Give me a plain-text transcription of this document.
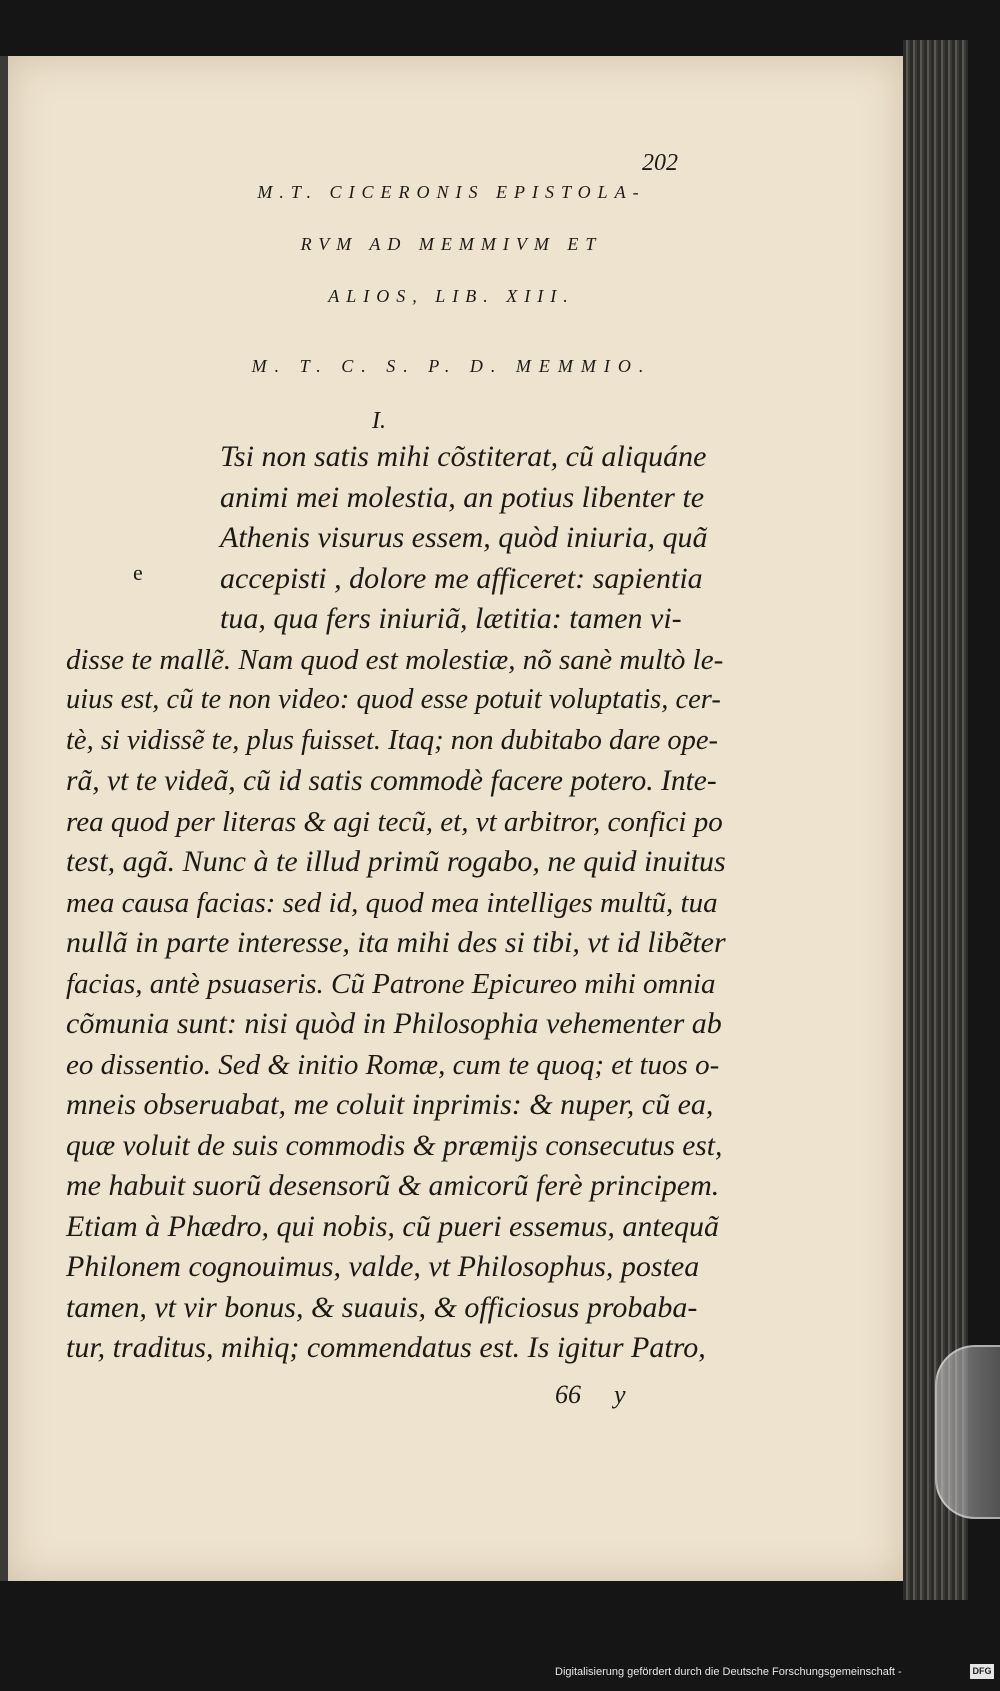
202
M.T. CICERONIS EPISTOLA-
RVM AD MEMMIVM ET
ALIOS, LIB. XIII.
M. T. C. S. P. D. MEMMIO.
I.
e
Tsi non satis mihi cõstiterat, cũ aliquáne
animi mei molestia, an potius libenter te
Athenis visurus essem, quòd iniuria, quã
accepisti , dolore me afficeret: sapientia
tua, qua fers iniuriã, lætitia: tamen vi-
disse te mallẽ. Nam quod est molestiæ, nõ sanè multò le-
uius est, cũ te non video: quod esse potuit voluptatis, cer-
tè, si vidissẽ te, plus fuisset. Itaq; non dubitabo dare ope-
rã, vt te videã, cũ id satis commodè facere potero. Inte-
rea quod per literas & agi tecũ, et, vt arbitror, confici po
test, agã. Nunc à te illud primũ rogabo, ne quid inuitus
mea causa facias: sed id, quod mea intelliges multũ, tua
nullã in parte interesse, ita mihi des si tibi, vt id libẽter
facias, antè psuaseris. Cũ Patrone Epicureo mihi omnia
cõmunia sunt: nisi quòd in Philosophia vehementer ab
eo dissentio. Sed & initio Romæ, cum te quoq; et tuos o-
mneis obseruabat, me coluit inprimis: & nuper, cũ ea,
quæ voluit de suis commodis & præmijs consecutus est,
me habuit suorũ desensorũ & amicorũ ferè principem.
Etiam à Phædro, qui nobis, cũ pueri essemus, antequã
Philonem cognouimus, valde, vt Philosophus, postea
tamen, vt vir bonus, & suauis, & officiosus probaba-
tur, traditus, mihiq; commendatus est. Is igitur Patro,
66 y
Digitalisierung gefördert durch die Deutsche Forschungsgemeinschaft -	DFG
